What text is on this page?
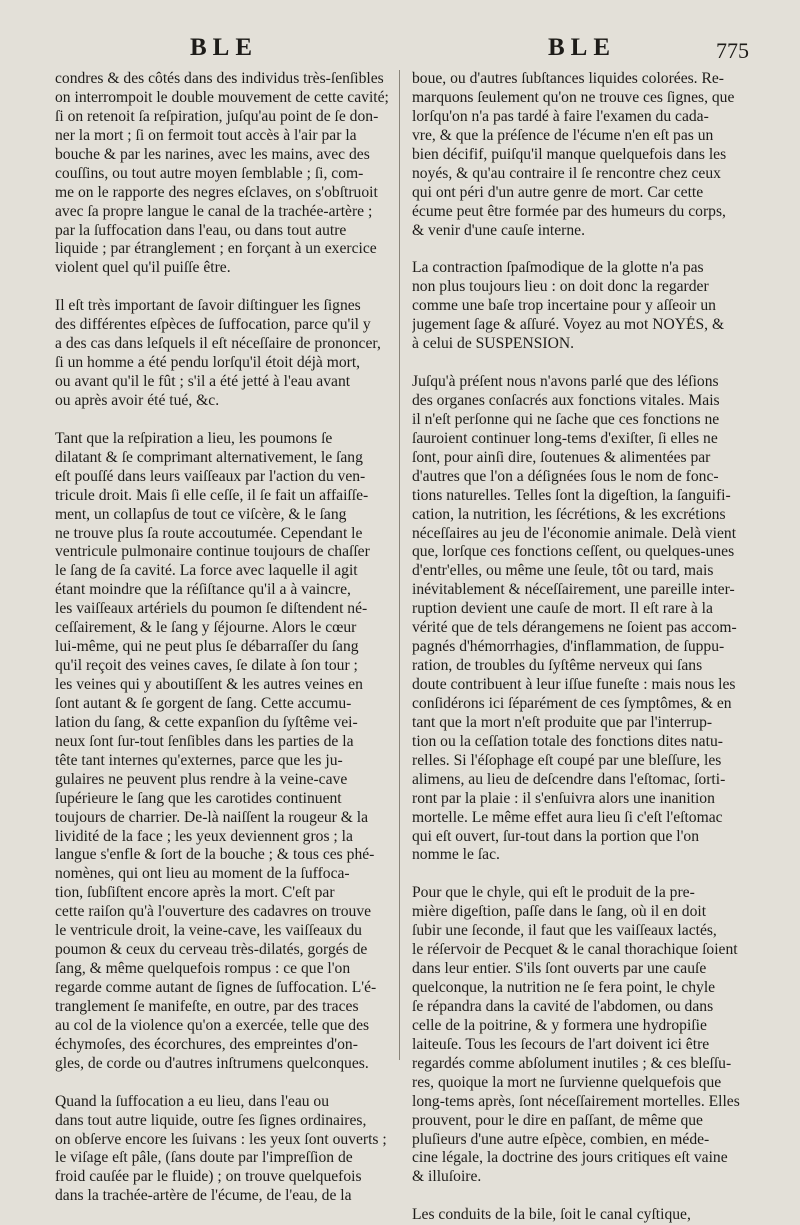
BLE	BLE	775
condres & des côtés dans des individus très-ſenſibles
on interrompoit le double mouvement de cette cavité;
ſi on retenoit ſa reſpiration, juſqu'au point de ſe don-
ner la mort ; ſi on fermoit tout accès à l'air par la
bouche & par les narines, avec les mains, avec des
couſſins, ou tout autre moyen ſemblable ; ſi, com-
me on le rapporte des negres eſclaves, on s'obſtruoit
avec ſa propre langue le canal de la trachée-artère ;
par la ſuffocation dans l'eau, ou dans tout autre
liquide ; par étranglement ; en forçant à un exercice
violent quel qu'il puiſſe être.
Il eſt très important de ſavoir diſtinguer les ſignes
des différentes eſpèces de ſuffocation, parce qu'il y
a des cas dans leſquels il eſt néceſſaire de prononcer,
ſi un homme a été pendu lorſqu'il étoit déjà mort,
ou avant qu'il le fût ; s'il a été jetté à l'eau avant
ou après avoir été tué, &c.
Tant que la reſpiration a lieu, les poumons ſe
dilatant & ſe comprimant alternativement, le ſang
eſt pouſſé dans leurs vaiſſeaux par l'action du ven-
tricule droit. Mais ſi elle ceſſe, il ſe fait un affaiſſe-
ment, un collapſus de tout ce viſcère, & le ſang
ne trouve plus ſa route accoutumée. Cependant le
ventricule pulmonaire continue toujours de chaſſer
le ſang de ſa cavité. La force avec laquelle il agit
étant moindre que la réſiſtance qu'il a à vaincre,
les vaiſſeaux artériels du poumon ſe diſtendent né-
ceſſairement, & le ſang y ſéjourne. Alors le cœur
lui-même, qui ne peut plus ſe débarraſſer du ſang
qu'il reçoit des veines caves, ſe dilate à ſon tour ;
les veines qui y aboutiſſent & les autres veines en
ſont autant & ſe gorgent de ſang. Cette accumu-
lation du ſang, & cette expanſion du ſyſtême vei-
neux ſont ſur-tout ſenſibles dans les parties de la
tête tant internes qu'externes, parce que les ju-
gulaires ne peuvent plus rendre à la veine-cave
ſupérieure le ſang que les carotides continuent
toujours de charrier. De-là naiſſent la rougeur & la
lividité de la face ; les yeux deviennent gros ; la
langue s'enfle & ſort de la bouche ; & tous ces phé-
nomènes, qui ont lieu au moment de la ſuffoca-
tion, ſubſiſtent encore après la mort. C'eſt par
cette raiſon qu'à l'ouverture des cadavres on trouve
le ventricule droit, la veine-cave, les vaiſſeaux du
poumon & ceux du cerveau très-dilatés, gorgés de
ſang, & même quelquefois rompus : ce que l'on
regarde comme autant de ſignes de ſuffocation. L'é-
tranglement ſe manifeſte, en outre, par des traces
au col de la violence qu'on a exercée, telle que des
échymoſes, des écorchures, des empreintes d'on-
gles, de corde ou d'autres inſtrumens quelconques.
Quand la ſuffocation a eu lieu, dans l'eau ou
dans tout autre liquide, outre ſes ſignes ordinaires,
on obſerve encore les ſuivans : les yeux ſont ouverts ;
le viſage eſt pâle, (ſans doute par l'impreſſion de
froid cauſée par le fluide) ; on trouve quelquefois
dans la trachée-artère de l'écume, de l'eau, de la
boue, ou d'autres ſubſtances liquides colorées. Re-
marquons ſeulement qu'on ne trouve ces ſignes, que
lorſqu'on n'a pas tardé à faire l'examen du cada-
vre, & que la préſence de l'écume n'en eſt pas un
bien décifif, puiſqu'il manque quelquefois dans les
noyés, & qu'au contraire il ſe rencontre chez ceux
qui ont péri d'un autre genre de mort. Car cette
écume peut être formée par des humeurs du corps,
& venir d'une cauſe interne.
La contraction ſpaſmodique de la glotte n'a pas
non plus toujours lieu : on doit donc la regarder
comme une baſe trop incertaine pour y aſſeoir un
jugement ſage & aſſuré. Voyez au mot NOYÉS, &
à celui de SUSPENSION.
Juſqu'à préſent nous n'avons parlé que des léſions
des organes conſacrés aux fonctions vitales. Mais
il n'eſt perſonne qui ne ſache que ces fonctions ne
ſauroient continuer long-tems d'exiſter, ſi elles ne
ſont, pour ainſi dire, ſoutenues & alimentées par
d'autres que l'on a déſignées ſous le nom de fonc-
tions naturelles. Telles ſont la digeſtion, la ſanguifi-
cation, la nutrition, les ſécrétions, & les excrétions
néceſſaires au jeu de l'économie animale. Delà vient
que, lorſque ces fonctions ceſſent, ou quelques-unes
d'entr'elles, ou même une ſeule, tôt ou tard, mais
inévitablement & néceſſairement, une pareille inter-
ruption devient une cauſe de mort. Il eſt rare à la
vérité que de tels dérangemens ne ſoient pas accom-
pagnés d'hémorrhagies, d'inflammation, de ſuppu-
ration, de troubles du ſyſtême nerveux qui ſans
doute contribuent à leur iſſue funeſte : mais nous les
conſidérons ici ſéparément de ces ſymptômes, & en
tant que la mort n'eſt produite que par l'interrup-
tion ou la ceſſation totale des fonctions dites natu-
relles. Si l'éſophage eſt coupé par une bleſſure, les
alimens, au lieu de deſcendre dans l'eſtomac, ſorti-
ront par la plaie : il s'enſuivra alors une inanition
mortelle. Le même effet aura lieu ſi c'eſt l'eſtomac
qui eſt ouvert, ſur-tout dans la portion que l'on
nomme le ſac.
Pour que le chyle, qui eſt le produit de la pre-
mière digeſtion, paſſe dans le ſang, où il en doit
ſubir une ſeconde, il faut que les vaiſſeaux lactés,
le réſervoir de Pecquet & le canal thorachique ſoient
dans leur entier. S'ils ſont ouverts par une cauſe
quelconque, la nutrition ne ſe fera point, le chyle
ſe répandra dans la cavité de l'abdomen, ou dans
celle de la poitrine, & y formera une hydropiſie
laiteuſe. Tous les ſecours de l'art doivent ici être
regardés comme abſolument inutiles ; & ces bleſſu-
res, quoique la mort ne ſurvienne quelquefois que
long-tems après, ſont néceſſairement mortelles. Elles
prouvent, pour le dire en paſſant, de même que
pluſieurs d'une autre eſpèce, combien, en méde-
cine légale, la doctrine des jours critiques eſt vaine
& illuſoire.
Les conduits de la bile, ſoit le canal cyſtique,
